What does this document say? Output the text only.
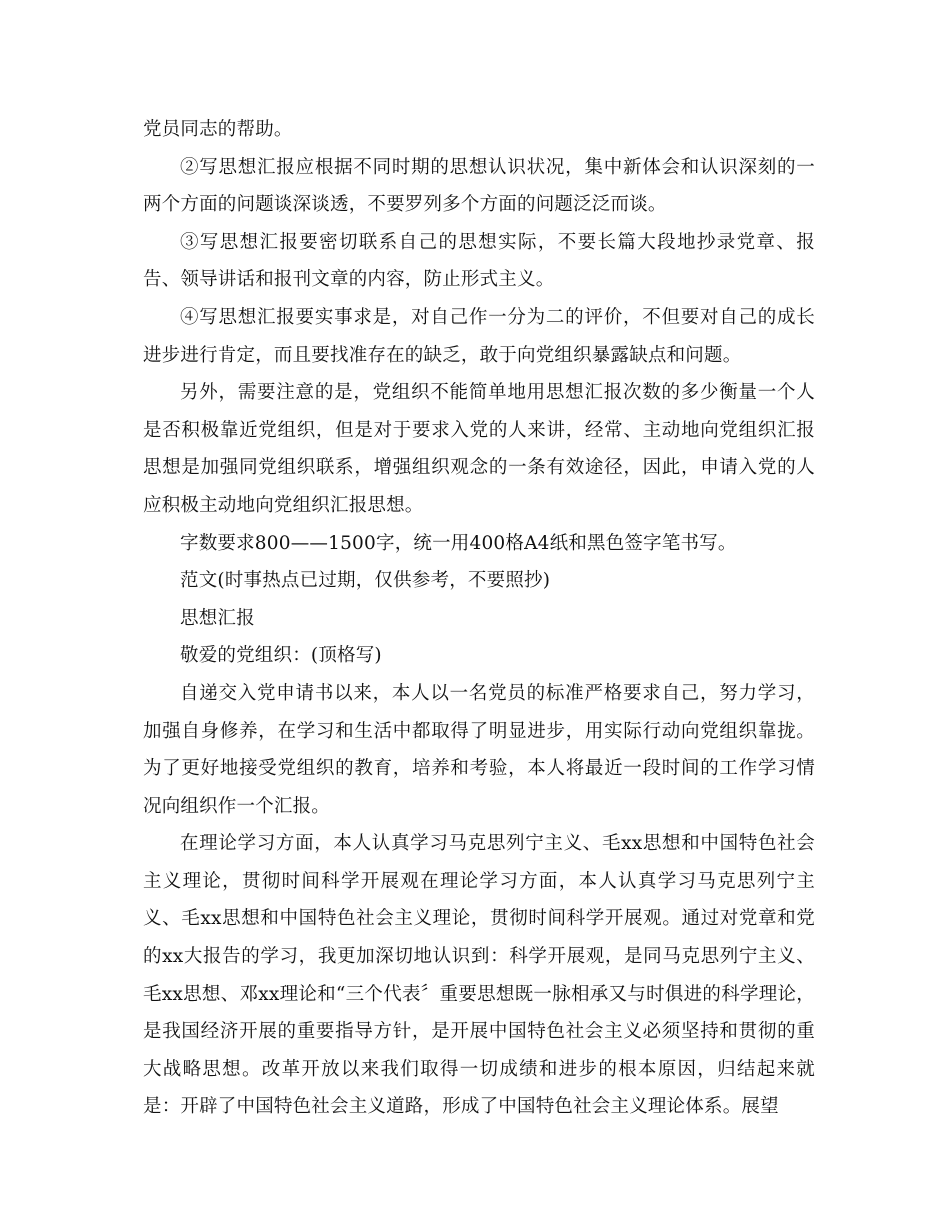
党员同志的帮助。

②写思想汇报应根据不同时期的思想认识状况，集中新体会和认识深刻的一两个方面的问题谈深谈透，不要罗列多个方面的问题泛泛而谈。

③写思想汇报要密切联系自己的思想实际，不要长篇大段地抄录党章、报告、领导讲话和报刊文章的内容，防止形式主义。

④写思想汇报要实事求是，对自己作一分为二的评价，不但要对自己的成长进步进行肯定，而且要找准存在的缺乏，敢于向党组织暴露缺点和问题。

另外，需要注意的是，党组织不能简单地用思想汇报次数的多少衡量一个人是否积极靠近党组织，但是对于要求入党的人来讲，经常、主动地向党组织汇报思想是加强同党组织联系，增强组织观念的一条有效途径，因此，申请入党的人应积极主动地向党组织汇报思想。

字数要求800——1500字，统一用400格A4纸和黑色签字笔书写。

范文(时事热点已过期，仅供参考，不要照抄)

思想汇报

敬爱的党组织：(顶格写)

自递交入党申请书以来，本人以一名党员的标准严格要求自己，努力学习，加强自身修养，在学习和生活中都取得了明显进步，用实际行动向党组织靠拢。为了更好地接受党组织的教育，培养和考验，本人将最近一段时间的工作学习情况向组织作一个汇报。

在理论学习方面，本人认真学习马克思列宁主义、毛xx思想和中国特色社会主义理论，贯彻时间科学开展观在理论学习方面，本人认真学习马克思列宁主义、毛xx思想和中国特色社会主义理论，贯彻时间科学开展观。通过对党章和党的xx大报告的学习，我更加深切地认识到：科学开展观，是同马克思列宁主义、毛xx思想、邓xx理论和“三个代表〞重要思想既一脉相承又与时俱进的科学理论，是我国经济开展的重要指导方针，是开展中国特色社会主义必须坚持和贯彻的重大战略思想。改革开放以来我们取得一切成绩和进步的根本原因，归结起来就是：开辟了中国特色社会主义道路，形成了中国特色社会主义理论体系。展望
